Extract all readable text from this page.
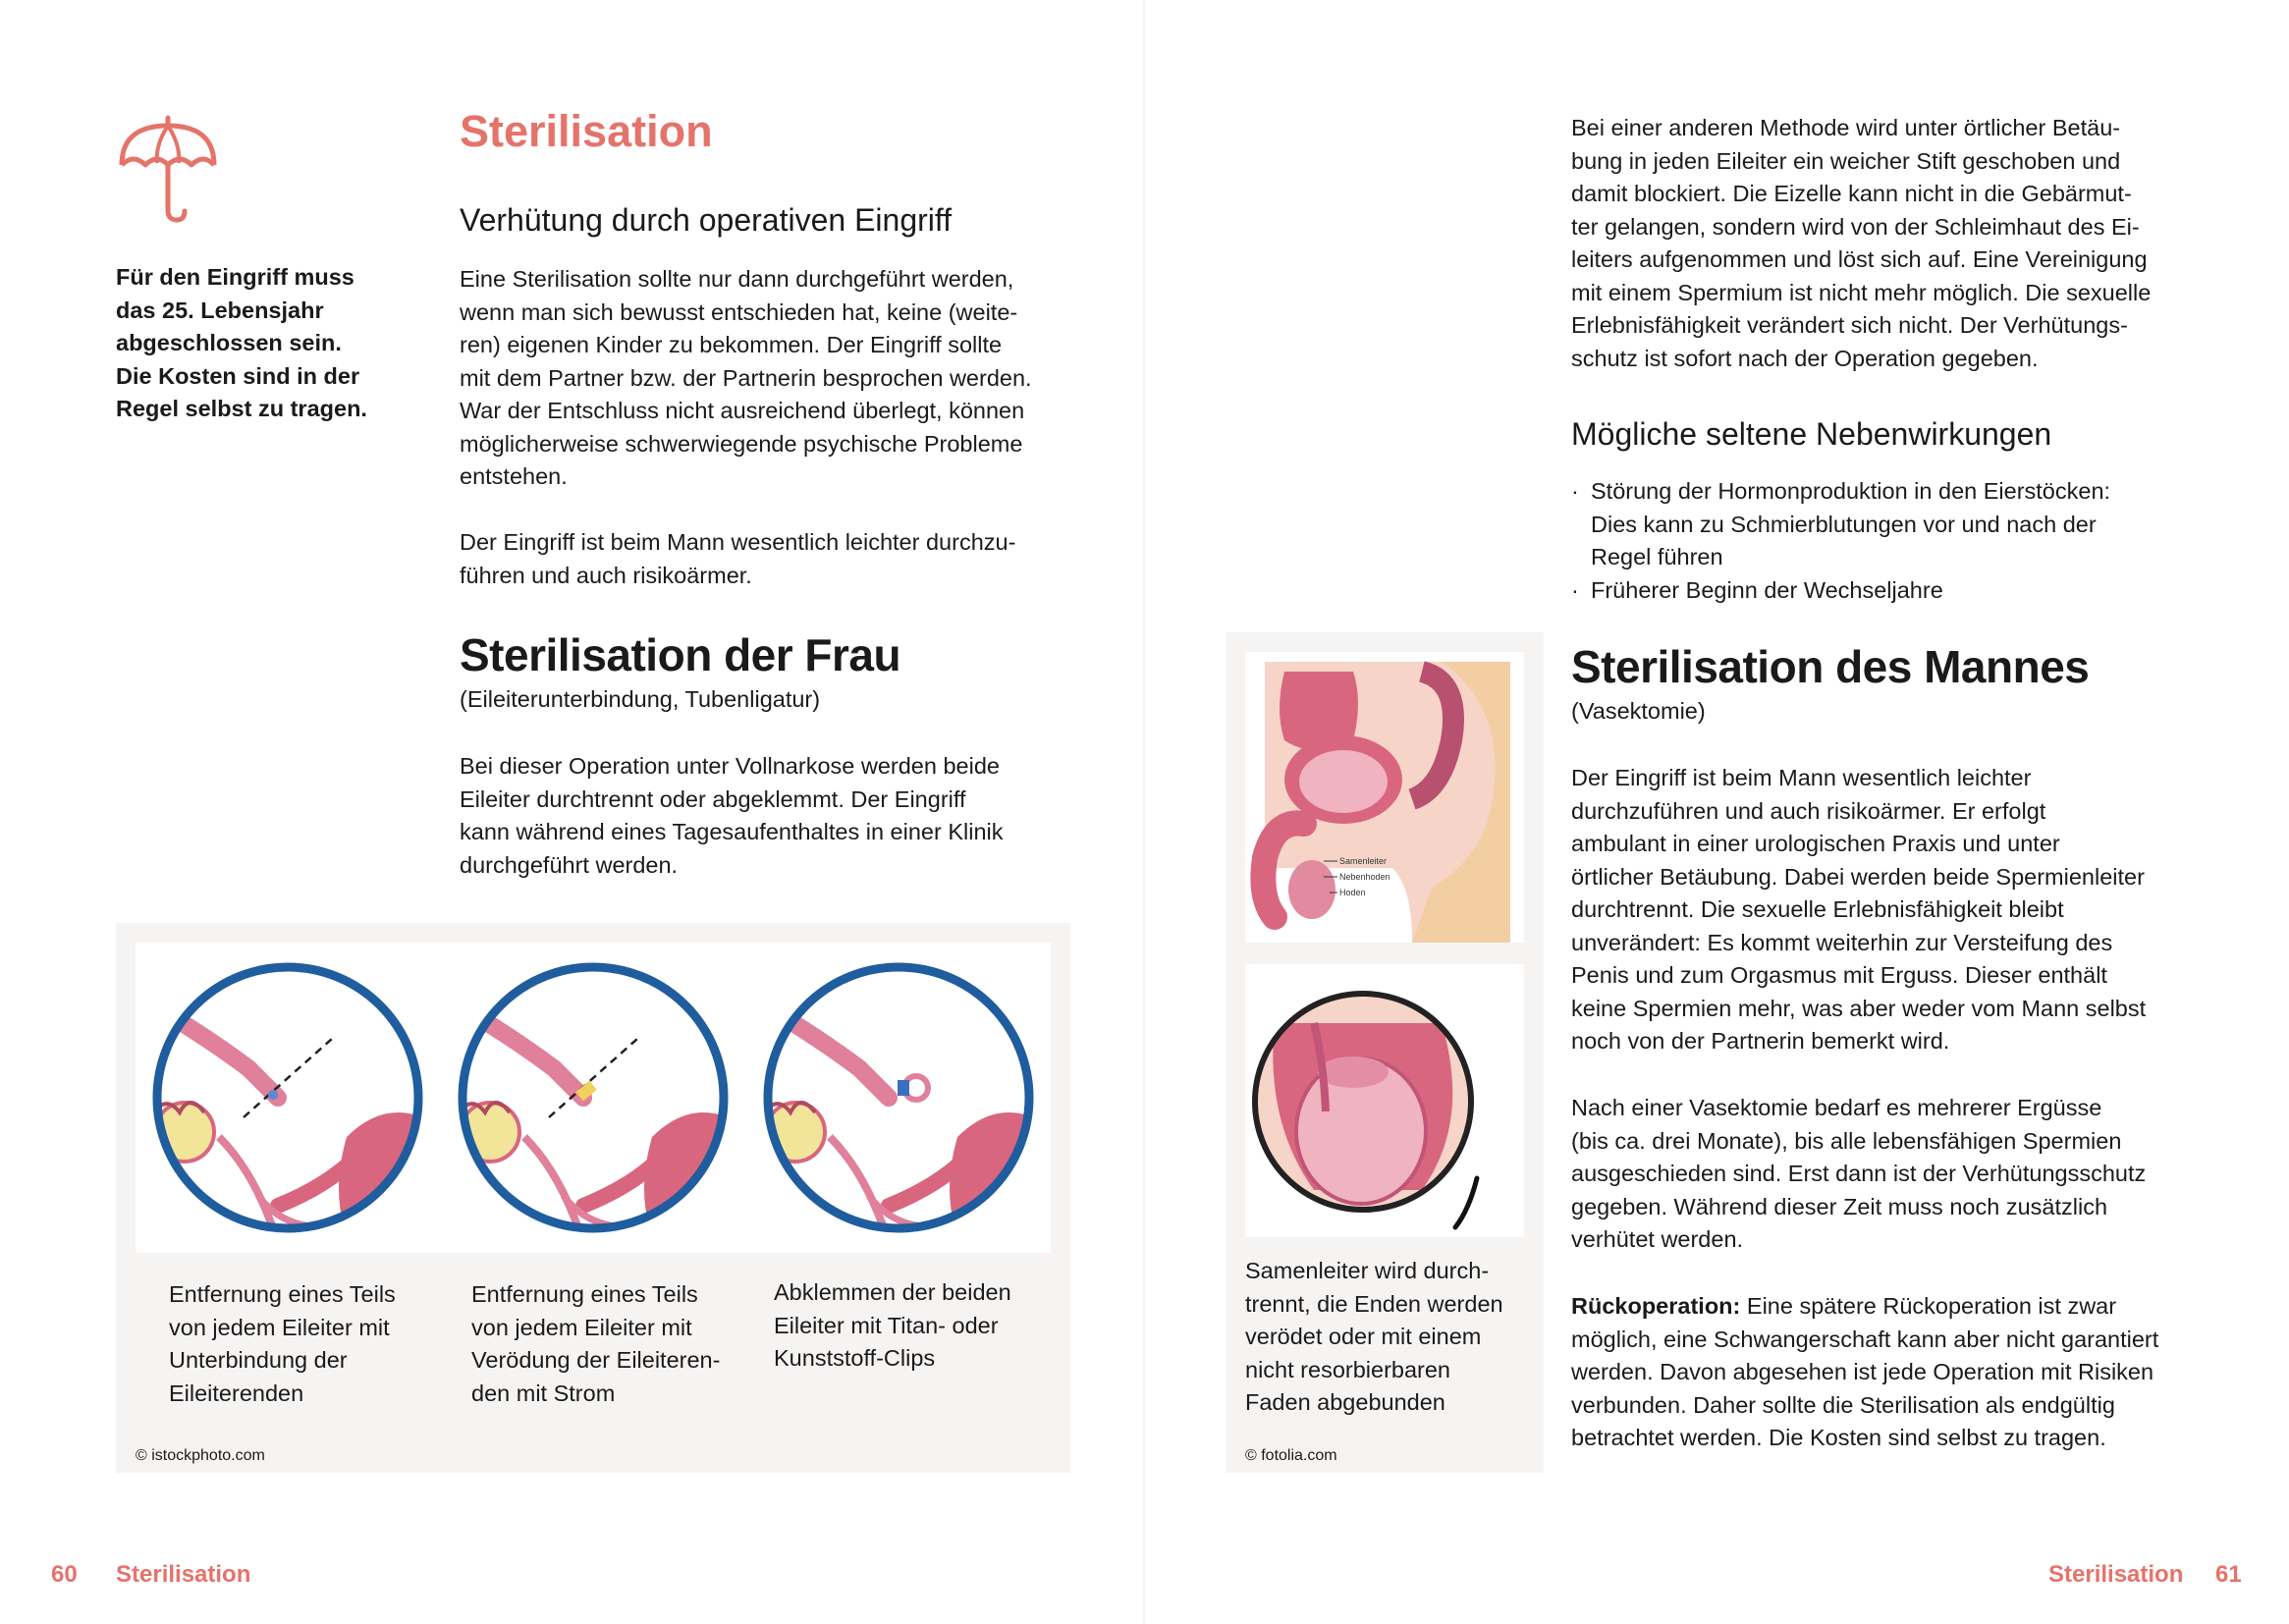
Für den Eingriff muss
das 25. Lebensjahr
abgeschlossen sein.
Die Kosten sind in der
Regel selbst zu tragen.
Sterilisation
Verhütung durch operativen Eingriff
Eine Sterilisation sollte nur dann durchgeführt werden,
wenn man sich bewusst entschieden hat, keine (weite-
ren) eigenen Kinder zu bekommen. Der Eingriff sollte
mit dem Partner bzw. der Partnerin besprochen werden.
War der Entschluss nicht ausreichend überlegt, können
möglicherweise schwerwiegende psychische Probleme
entstehen.
Der Eingriff ist beim Mann wesentlich leichter durchzu-
führen und auch risikoärmer.
Sterilisation der Frau
(Eileiterunterbindung, Tubenligatur)
Bei dieser Operation unter Vollnarkose werden beide
Eileiter durchtrennt oder abgeklemmt. Der Eingriff
kann während eines Tagesaufenthaltes in einer Klinik
durchgeführt werden.
Entfernung eines Teils
von jedem Eileiter mit
Unterbindung der
Eileiterenden
Entfernung eines Teils
von jedem Eileiter mit
Verödung der Eileiteren-
den mit Strom
Abklemmen der beiden
Eileiter mit Titan- oder
Kunststoff-Clips
© istockphoto.com
60 Sterilisation
Bei einer anderen Methode wird unter örtlicher Betäu-
bung in jeden Eileiter ein weicher Stift geschoben und
damit blockiert. Die Eizelle kann nicht in die Gebärmut-
ter gelangen, sondern wird von der Schleimhaut des Ei-
leiters aufgenommen und löst sich auf. Eine Vereinigung
mit einem Spermium ist nicht mehr möglich. Die sexuelle
Erlebnisfähigkeit verändert sich nicht. Der Verhütungs-
schutz ist sofort nach der Operation gegeben.
Mögliche seltene Nebenwirkungen
· Störung der Hormonproduktion in den Eierstöcken:
Dies kann zu Schmierblutungen vor und nach der
Regel führen
· Früherer Beginn der Wechseljahre
Samenleiter
Nebenhoden
Hoden
Samenleiter wird durch-
trennt, die Enden werden
verödet oder mit einem
nicht resorbierbaren
Faden abgebunden
© fotolia.com
Sterilisation des Mannes
(Vasektomie)
Der Eingriff ist beim Mann wesentlich leichter
durchzuführen und auch risikoärmer. Er erfolgt
ambulant in einer urologischen Praxis und unter
örtlicher Betäubung. Dabei werden beide Spermienleiter
durchtrennt. Die sexuelle Erlebnisfähigkeit bleibt
unverändert: Es kommt weiterhin zur Versteifung des
Penis und zum Orgasmus mit Erguss. Dieser enthält
keine Spermien mehr, was aber weder vom Mann selbst
noch von der Partnerin bemerkt wird.
Nach einer Vasektomie bedarf es mehrerer Ergüsse
(bis ca. drei Monate), bis alle lebensfähigen Spermien
ausgeschieden sind. Erst dann ist der Verhütungsschutz
gegeben. Während dieser Zeit muss noch zusätzlich
verhütet werden.
Rückoperation: Eine spätere Rückoperation ist zwar
möglich, eine Schwangerschaft kann aber nicht garantiert
werden. Davon abgesehen ist jede Operation mit Risiken
verbunden. Daher sollte die Sterilisation als endgültig
betrachtet werden. Die Kosten sind selbst zu tragen.
Sterilisation 61
